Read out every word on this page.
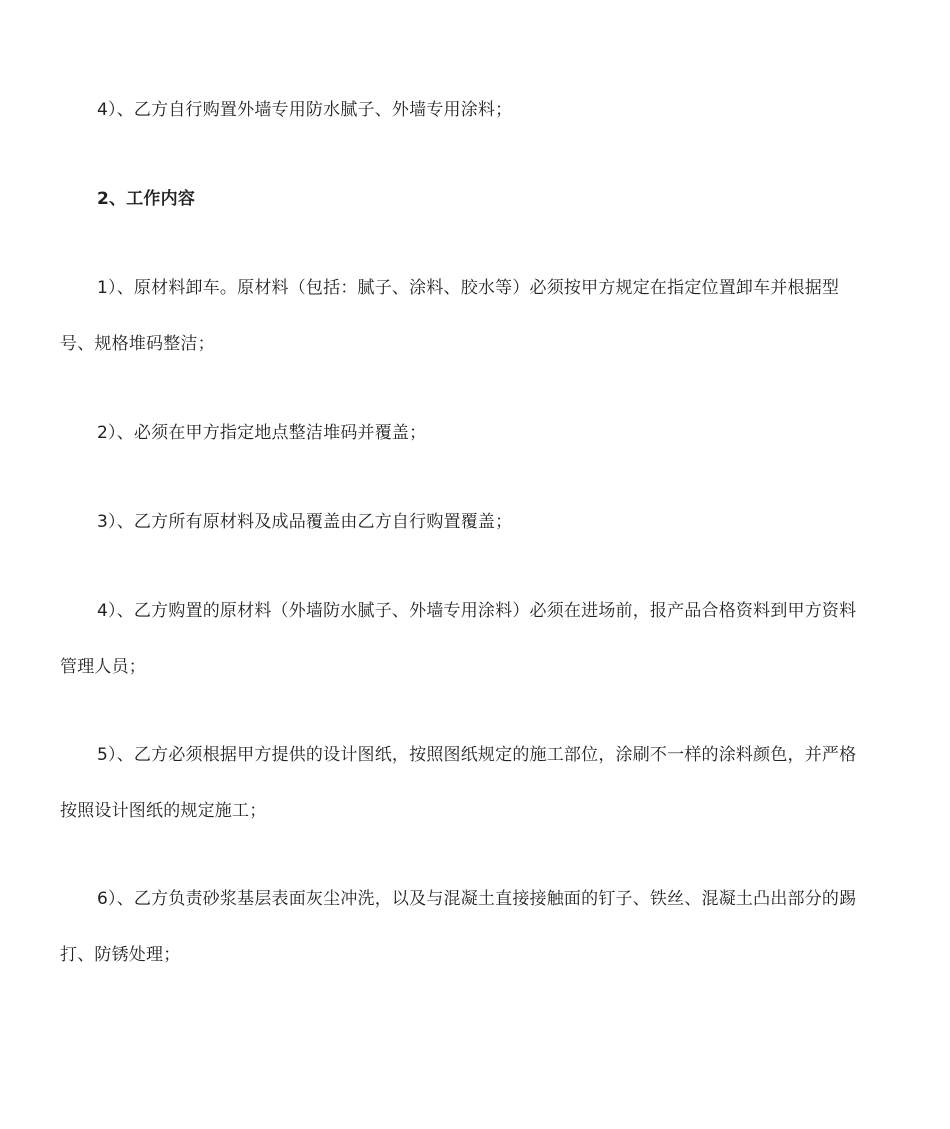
4）、乙方自行购置外墙专用防水腻子、外墙专用涂料；

2、工作内容

1）、原材料卸车。原材料（包括：腻子、涂料、胶水等）必须按甲方规定在指定位置卸车并根据型号、规格堆码整洁；

2）、必须在甲方指定地点整洁堆码并覆盖；

3）、乙方所有原材料及成品覆盖由乙方自行购置覆盖；

4）、乙方购置的原材料（外墙防水腻子、外墙专用涂料）必须在进场前，报产品合格资料到甲方资料管理人员；

5）、乙方必须根据甲方提供的设计图纸，按照图纸规定的施工部位，涂刷不一样的涂料颜色，并严格按照设计图纸的规定施工；

6）、乙方负责砂浆基层表面灰尘冲洗，以及与混凝土直接接触面的钉子、铁丝、混凝土凸出部分的踢打、防锈处理；
